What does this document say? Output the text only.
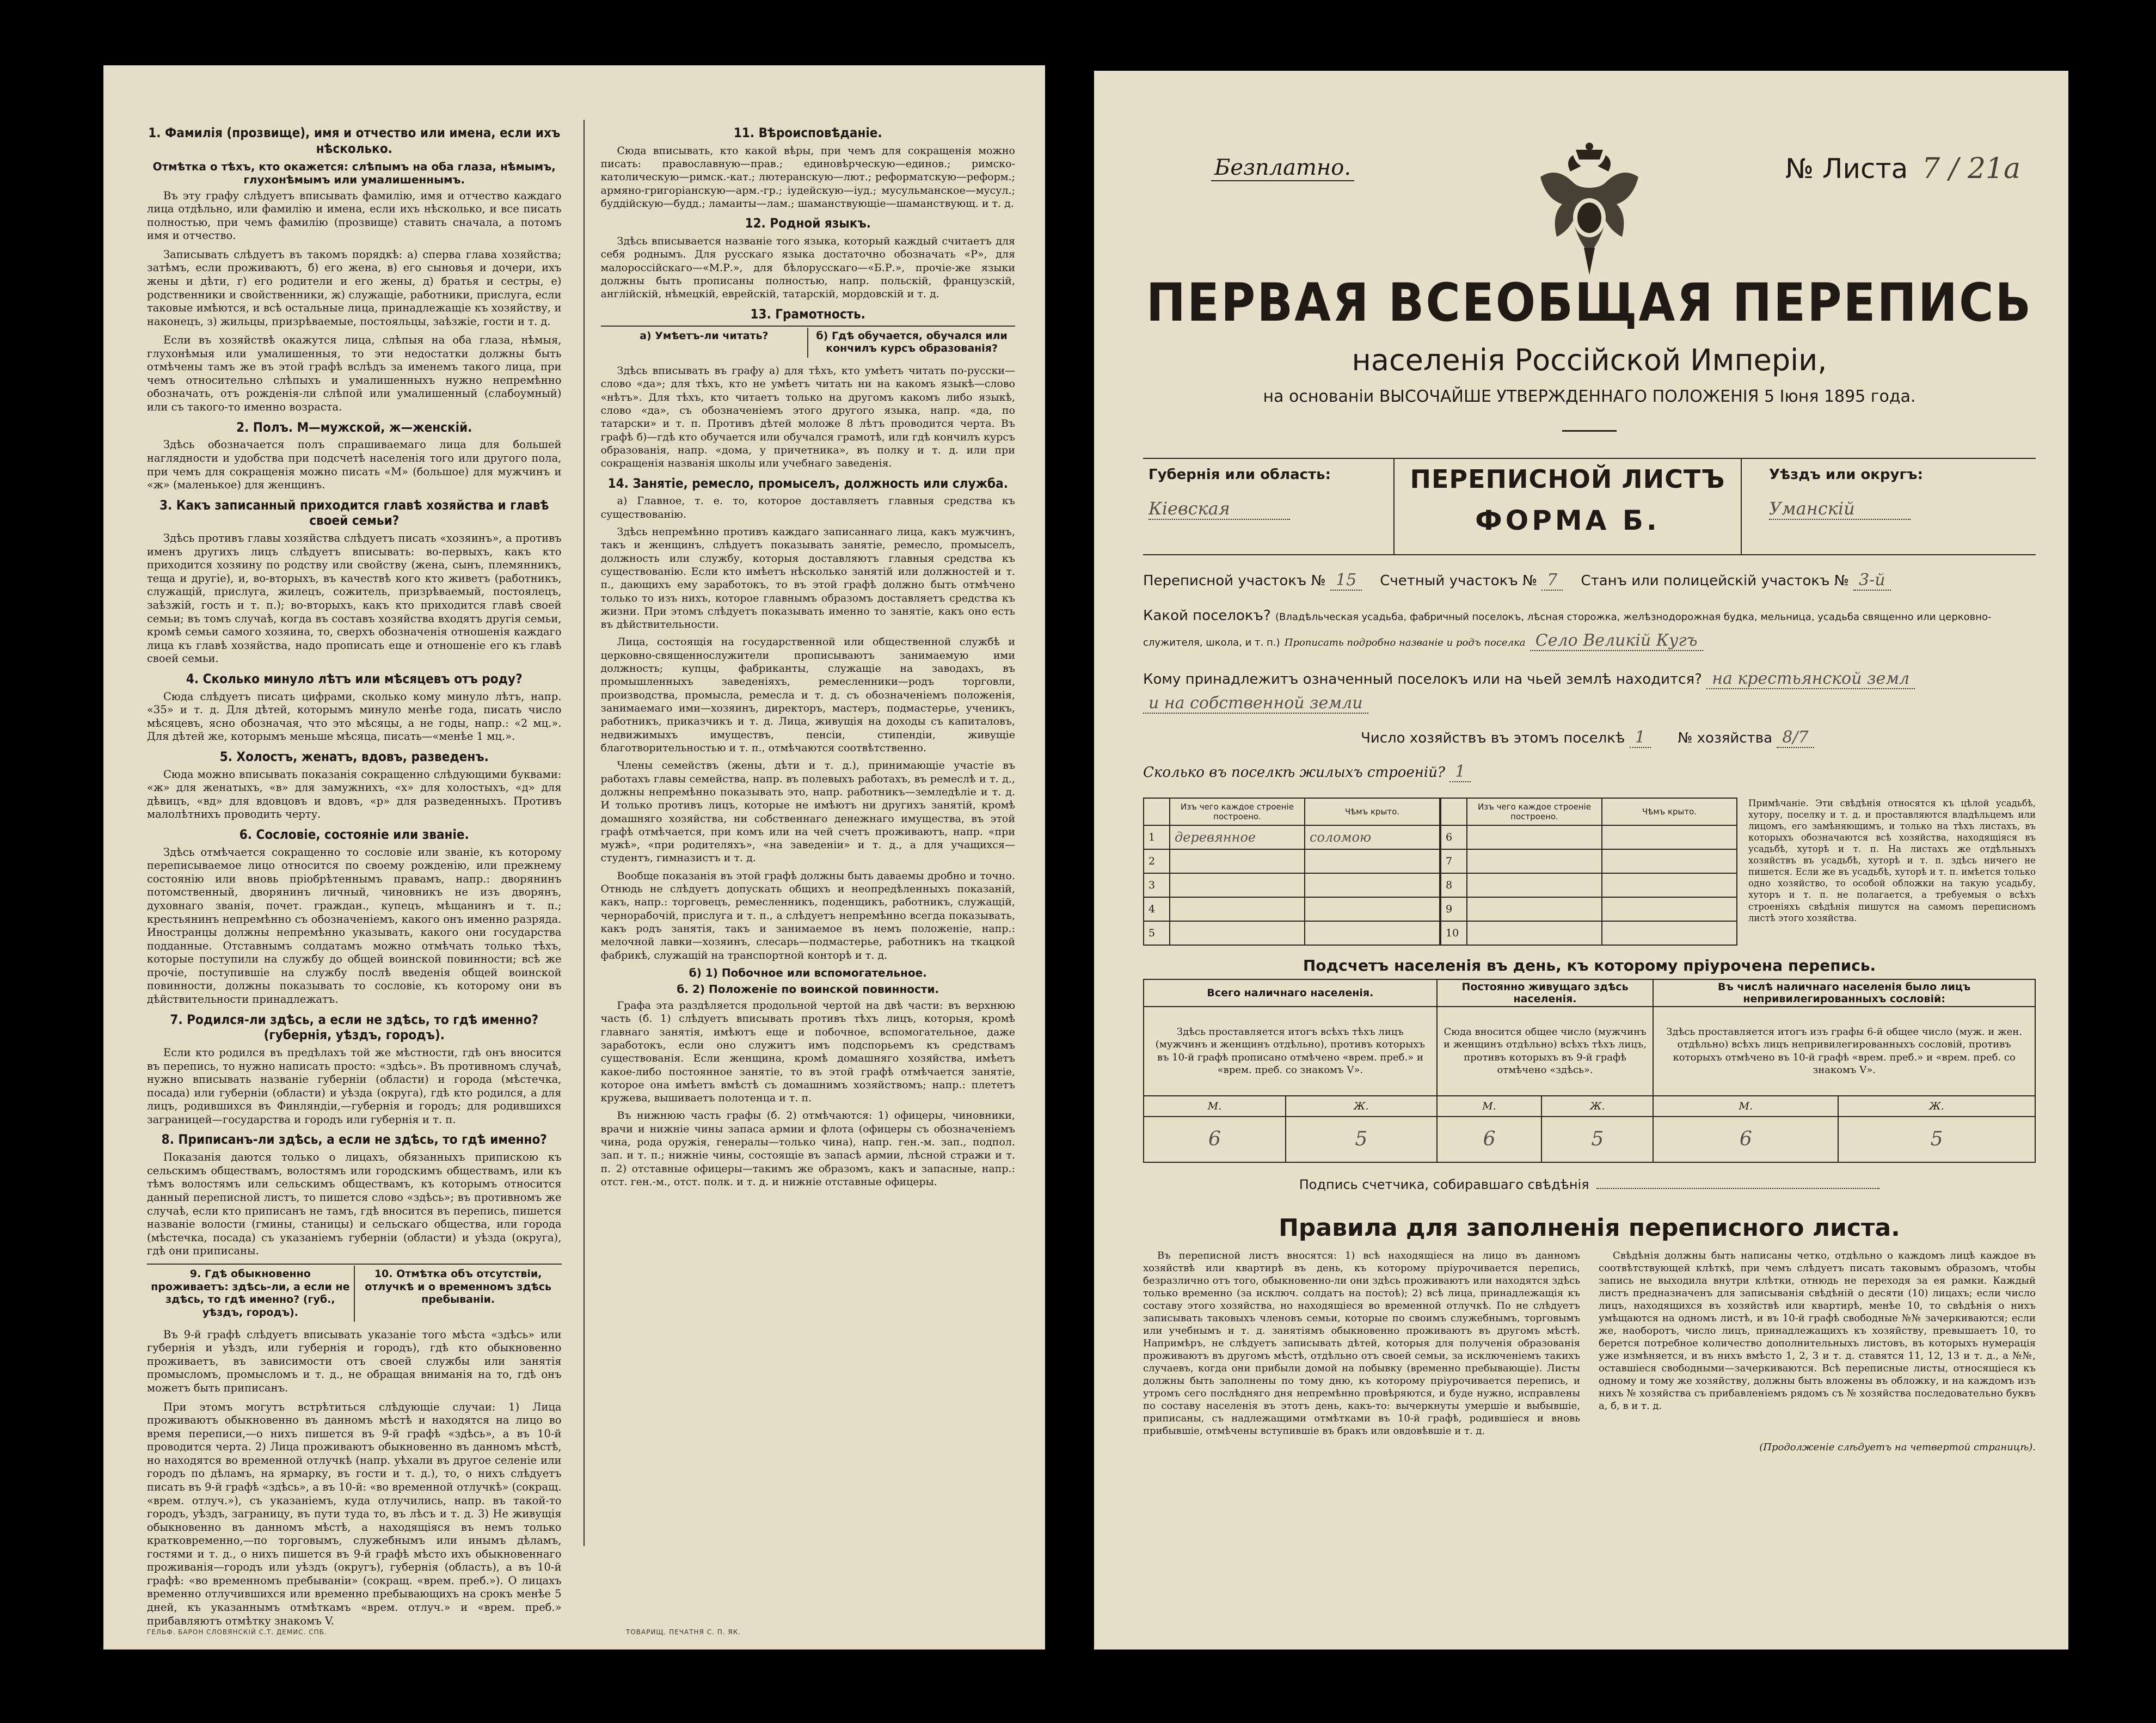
1. Фамилія (прозвище), имя и отчество или имена, если ихъ нѣсколько.
Отмѣтка о тѣхъ, кто окажется: слѣпымъ на оба глаза, нѣмымъ, глухонѣмымъ или умалишеннымъ.

Въ эту графу слѣдуетъ вписывать фамилію, имя и отчество каждаго лица отдѣльно, или фамилію и имена, если ихъ нѣсколько, и все писать полностью, при чемъ фамилію (прозвище) ставить сначала, а потомъ имя и отчество.

Записывать слѣдуетъ въ такомъ порядкѣ: а) сперва глава хозяйства; затѣмъ, если проживаютъ, б) его жена, в) его сыновья и дочери, ихъ жены и дѣти, г) его родители и его жены, д) братья и сестры, е) родственники и свойственники, ж) служащіе, работники, прислуга, если таковые имѣются, и всѣ остальные лица, принадлежащіе къ хозяйству, и наконецъ, з) жильцы, призрѣваемые, постояльцы, заѣзжіе, гости и т. д.

Если въ хозяйствѣ окажутся лица, слѣпыя на оба глаза, нѣмыя, глухонѣмыя или умалишенныя, то эти недостатки должны быть отмѣчены тамъ же въ этой графѣ вслѣдъ за именемъ такого лица, при чемъ относительно слѣпыхъ и умалишенныхъ нужно непремѣнно обозначать, отъ рожденія-ли слѣпой или умалишенный (слабоумный) или съ такого-то именно возраста.

2. Полъ. М—мужской, ж—женскій.

Здѣсь обозначается полъ спрашиваемаго лица для большей наглядности и удобства при подсчетѣ населенія того или другого пола, при чемъ для сокращенія можно писать «М» (большое) для мужчинъ и «ж» (маленькое) для женщинъ.

3. Какъ записанный приходится главѣ хозяйства и главѣ своей семьи?

Здѣсь противъ главы хозяйства слѣдуетъ писать «хозяинъ», а противъ именъ другихъ лицъ слѣдуетъ вписывать: во-первыхъ, какъ кто приходится хозяину по родству или свойству (жена, сынъ, племянникъ, теща и другіе), и, во-вторыхъ, въ качествѣ кого кто живетъ (работникъ, служащій, прислуга, жилецъ, сожитель, призрѣваемый, постоялецъ, заѣзжій, гость и т. п.); во-вторыхъ, какъ кто приходится главѣ своей семьи; въ томъ случаѣ, когда въ составъ хозяйства входятъ другія семьи, кромѣ семьи самого хозяина, то, сверхъ обозначенія отношенія каждаго лица къ главѣ хозяйства, надо прописать еще и отношеніе его къ главѣ своей семьи.

4. Сколько минуло лѣтъ или мѣсяцевъ отъ роду?

Сюда слѣдуетъ писать цифрами, сколько кому минуло лѣтъ, напр. «35» и т. д. Для дѣтей, которымъ минуло менѣе года, писать число мѣсяцевъ, ясно обозначая, что это мѣсяцы, а не годы, напр.: «2 мц.». Для дѣтей же, которымъ меньше мѣсяца, писать—«менѣе 1 мц.».

5. Холостъ, женатъ, вдовъ, разведенъ.

Сюда можно вписывать показанія сокращенно слѣдующими буквами: «ж» для женатыхъ, «в» для замужнихъ, «х» для холостыхъ, «д» для дѣвицъ, «вд» для вдовцовъ и вдовъ, «р» для разведенныхъ. Противъ малолѣтнихъ проводить черту.

6. Сословіе, состояніе или званіе.

Здѣсь отмѣчается сокращенно то сословіе или званіе, къ которому переписываемое лицо относится по своему рожденію, или прежнему состоянію или вновь пріобрѣтеннымъ правамъ, напр.: дворянинъ потомственный, дворянинъ личный, чиновникъ не изъ дворянъ, духовнаго званія, почет. граждан., купецъ, мѣщанинъ и т. п.; крестьянинъ непремѣнно съ обозначеніемъ, какого онъ именно разряда. Иностранцы должны непремѣнно указывать, какого они государства подданные. Отставнымъ солдатамъ можно отмѣчать только тѣхъ, которые поступили на службу до общей воинской повинности; всѣ же прочіе, поступившіе на службу послѣ введенія общей воинской повинности, должны показывать то сословіе, къ которому они въ дѣйствительности принадлежатъ.

7. Родился-ли здѣсь, а если не здѣсь, то гдѣ именно? (губернія, уѣздъ, городъ).

Если кто родился въ предѣлахъ той же мѣстности, гдѣ онъ вносится въ перепись, то нужно написать просто: «здѣсь». Въ противномъ случаѣ, нужно вписывать названіе губерніи (области) и города (мѣстечка, посада) или губерніи (области) и уѣзда (округа), гдѣ кто родился, а для лицъ, родившихся въ Финляндіи,—губернія и городъ; для родившихся заграницей—государства и городъ или губернія и т. п.

8. Приписанъ-ли здѣсь, а если не здѣсь, то гдѣ именно?

Показанія даются только о лицахъ, обязанныхъ припискою къ сельскимъ обществамъ, волостямъ или городскимъ обществамъ, или къ тѣмъ волостямъ или сельскимъ обществамъ, къ которымъ относится данный переписной листъ, то пишется слово «здѣсь»; въ противномъ же случаѣ, если кто приписанъ не тамъ, гдѣ вносится въ перепись, пишется названіе волости (гмины, станицы) и сельскаго общества, или города (мѣстечка, посада) съ указаніемъ губерніи (области) и уѣзда (округа), гдѣ они приписаны.

9. Гдѣ обыкновенно проживаетъ: здѣсь-ли, а если не здѣсь, то гдѣ именно? (губ., уѣздъ, городъ).
10. Отмѣтка объ отсутствіи, отлучкѣ и о временномъ здѣсь пребываніи.

Въ 9-й графѣ слѣдуетъ вписывать указаніе того мѣста «здѣсь» или губернія и уѣздъ, или губернія и городъ), гдѣ кто обыкновенно проживаетъ, въ зависимости отъ своей службы или занятія промысломъ, промысломъ и т. д., не обращая вниманія на то, гдѣ онъ можетъ быть приписанъ.

При этомъ могутъ встрѣтиться слѣдующіе случаи: 1) Лица проживаютъ обыкновенно въ данномъ мѣстѣ и находятся на лицо во время переписи,—о нихъ пишется въ 9-й графѣ «здѣсь», а въ 10-й проводится черта. 2) Лица проживаютъ обыкновенно въ данномъ мѣстѣ, но находятся во временной отлучкѣ (напр. уѣхали въ другое селеніе или городъ по дѣламъ, на ярмарку, въ гости и т. д.), то, о нихъ слѣдуетъ писать въ 9-й графѣ «здѣсь», а въ 10-й: «во временной отлучкѣ» (сокращ. «врем. отлуч.»), съ указаніемъ, куда отлучились, напр. въ такой-то городъ, уѣздъ, заграницу, въ пути туда то, въ лѣсъ и т. д. 3) Не живущія обыкновенно въ данномъ мѣстѣ, а находящіяся въ немъ только кратковременно,—по торговымъ, служебнымъ или инымъ дѣламъ, гостями и т. д., о нихъ пишется въ 9-й графѣ мѣсто ихъ обыкновеннаго проживанія—городъ или уѣздъ (округъ), губернія (область), а въ 10-й графѣ: «во временномъ пребываніи» (сокращ. «врем. преб.»). О лицахъ временно отлучившихся или временно пребывающихъ на срокъ менѣе 5 дней, къ указаннымъ отмѣткамъ «врем. отлуч.» и «врем. преб.» прибавляютъ отмѣтку знакомъ V.

11. Вѣроисповѣданіе.

Сюда вписывать, кто какой вѣры, при чемъ для сокращенія можно писать: православную—прав.; единовѣрческую—единов.; римско-католическую—римск.-кат.; лютеранскую—лют.; реформатскую—реформ.; армяно-григоріанскую—арм.-гр.; іудейскую—іуд.; мусульманское—мусул.; буддійскую—будд.; ламаиты—лам.; шаманствующіе—шаманствующ. и т. д.

12. Родной языкъ.

Здѣсь вписывается названіе того языка, который каждый считаетъ для себя роднымъ. Для русскаго языка достаточно обозначать «Р», для малороссійскаго—«М.Р.», для бѣлорусскаго—«Б.Р.», прочіе-же языки должны быть прописаны полностью, напр. польскій, французскій, англійскій, нѣмецкій, еврейскій, татарскій, мордовскій и т. д.

13. Грамотность.
а) Умѣетъ-ли читать?	б) Гдѣ обучается, обучался или кончилъ курсъ образованія?

Здѣсь вписывать въ графу а) для тѣхъ, кто умѣетъ читать по-русски—слово «да»; для тѣхъ, кто не умѣетъ читать ни на какомъ языкѣ—слово «нѣтъ». Для тѣхъ, кто читаетъ только на другомъ какомъ либо языкѣ, слово «да», съ обозначеніемъ этого другого языка, напр. «да, по татарски» и т. п. Противъ дѣтей моложе 8 лѣтъ проводится черта. Въ графѣ б)—гдѣ кто обучается или обучался грамотѣ, или гдѣ кончилъ курсъ образованія, напр. «дома, у причетника», въ полку и т. д. или при сокращенія названія школы или учебнаго заведенія.

14. Занятіе, ремесло, промыселъ, должность или служба.

а) Главное, т. е. то, которое доставляетъ главныя средства къ существованію.

Здѣсь непремѣнно противъ каждаго записаннаго лица, какъ мужчинъ, такъ и женщинъ, слѣдуетъ показывать занятіе, ремесло, промыселъ, должность или службу, которыя доставляютъ главныя средства къ существованію. Если кто имѣетъ нѣсколько занятій или должностей и т. п., дающихъ ему заработокъ, то въ этой графѣ должно быть отмѣчено только то изъ нихъ, которое главнымъ образомъ доставляетъ средства къ жизни. При этомъ слѣдуетъ показывать именно то занятіе, какъ оно есть въ дѣйствительности.

Лица, состоящія на государственной или общественной службѣ и церковно-священнослужители прописываютъ занимаемую ими должность; купцы, фабриканты, служащіе на заводахъ, въ промышленныхъ заведеніяхъ, ремесленники—родъ торговли, производства, промысла, ремесла и т. д. съ обозначеніемъ положенія, занимаемаго ими—хозяинъ, директоръ, мастеръ, подмастерье, ученикъ, работникъ, приказчикъ и т. д. Лица, живущія на доходы съ капиталовъ, недвижимыхъ имуществъ, пенсіи, стипендіи, живущіе благотворительностью и т. п., отмѣчаются соотвѣтственно.

Члены семействъ (жены, дѣти и т. д.), принимающіе участіе въ работахъ главы семейства, напр. въ полевыхъ работахъ, въ ремеслѣ и т. д., должны непремѣнно показывать это, напр. работникъ—земледѣліе и т. д. И только противъ лицъ, которые не имѣютъ ни другихъ занятій, кромѣ домашняго хозяйства, ни собственнаго денежнаго имущества, въ этой графѣ отмѣчается, при комъ или на чей счетъ проживаютъ, напр. «при мужѣ», «при родителяхъ», «на заведеніи» и т. д., а для учащихся—студентъ, гимназистъ и т. д.

Вообще показанія въ этой графѣ должны быть даваемы дробно и точно. Отнюдь не слѣдуетъ допускать общихъ и неопредѣленныхъ показаній, какъ, напр.: торговецъ, ремесленникъ, поденщикъ, работникъ, служащій, чернорабочій, прислуга и т. п., а слѣдуетъ непремѣнно всегда показывать, какъ родъ занятія, такъ и занимаемое въ немъ положеніе, напр.: мелочной лавки—хозяинъ, слесарь—подмастерье, работникъ на ткацкой фабрикѣ, служащій на транспортной конторѣ и т. д.

б) 1) Побочное или вспомогательное.
б. 2) Положеніе по воинской повинности.

Графа эта раздѣляется продольной чертой на двѣ части: въ верхнюю часть (б. 1) слѣдуетъ вписывать противъ тѣхъ лицъ, которыя, кромѣ главнаго занятія, имѣютъ еще и побочное, вспомогательное, даже заработокъ, если оно служитъ имъ подспорьемъ къ средствамъ существованія. Если женщина, кромѣ домашняго хозяйства, имѣетъ какое-либо постоянное занятіе, то въ этой графѣ отмѣчается занятіе, которое она имѣетъ вмѣстѣ съ домашнимъ хозяйствомъ; напр.: плететъ кружева, вышиваетъ полотенца и т. п.

Въ нижнюю часть графы (б. 2) отмѣчаются: 1) офицеры, чиновники, врачи и нижніе чины запаса армии и флота (офицеры съ обозначеніемъ чина, рода оружія, генералы—только чина), напр. ген.-м. зап., подпол. зап. и т. п.; нижніе чины, состоящіе въ запасѣ армии, лѣсной стражи и т. п. 2) отставные офицеры—такимъ же образомъ, какъ и запасные, напр.: отст. ген.-м., отст. полк. и т. д. и нижніе отставные офицеры.

ГЕЛЬФ. БАРОН СЛОВЯНСКІЙ С.Т. ДЕМИС. СПБ.	ТОВАРИЩ. ПЕЧАТНЯ С. П. ЯК.
Безплатно.	№ Листа 7 / 21а
ПЕРВАЯ ВСЕОБЩАЯ ПЕРЕПИСЬ
населенія Россійской Имперіи,
на основаніи ВЫСОЧАЙШЕ УТВЕРЖДЕННАГО ПОЛОЖЕНІЯ 5 Іюня 1895 года.
Губернія или область:
Кіевская
ПЕРЕПИСНОЙ ЛИСТЪ
ФОРМА Б.
Уѣздъ или округъ:
Уманскій
Переписной участокъ № 15 Счетный участокъ № 7 Станъ или полицейскій участокъ № 3-й
Какой поселокъ? (Владѣльческая усадьба, фабричный поселокъ, лѣсная сторожка, желѣзнодорожная будка, мельница, усадьба священно или церковно-служителя, школа, и т. п.) Прописать подробно названіе и родъ поселка Село Великій Кугъ
Кому принадлежитъ означенный поселокъ или на чьей землѣ находится? на крестьянской земл
и на собственной земли
Число хозяйствъ въ этомъ поселкѣ 1 № хозяйства 8/7
Сколько въ поселкѣ жилыхъ строеній? 1
	Изъ чего каждое строеніе построено.	Чѣмъ крыто.
1	деревянное	соломою
2		
3		
4		
5		
	Изъ чего каждое строеніе построено.	Чѣмъ крыто.
6		
7		
8		
9		
10		
Примѣчаніе. Эти свѣдѣнія относятся къ цѣлой усадьбѣ, хутору, поселку и т. д. и проставляются владѣльцемъ или лицомъ, его замѣняющимъ, и только на тѣхъ листахъ, въ которыхъ обозначаются всѣ хозяйства, находящіяся въ усадьбѣ, хуторѣ и т. п. На листахъ же отдѣльныхъ хозяйствъ въ усадьбѣ, хуторѣ и т. п. здѣсь ничего не пишется. Если же въ усадьбѣ, хуторѣ и т. п. имѣется только одно хозяйство, то особой обложки на такую усадьбу, хуторъ и т. п. не полагается, а требуемыя о всѣхъ строеніяхъ свѣдѣнія пишутся на самомъ переписномъ листѣ этого хозяйства.
Подсчетъ населенія въ день, къ которому пріурочена перепись.
Всего наличнаго населенія.		Постоянно живущаго здѣсь населенія.		Въ числѣ наличнаго населенія было лицъ непривилегированныхъ сословій:	
Здѣсь проставляется итогъ всѣхъ тѣхъ лицъ (мужчинъ и женщинъ отдѣльно), противъ которыхъ въ 10-й графѣ прописано отмѣчено «врем. преб.» и «врем. преб. со знакомъ V».		Сюда вносится общее число (мужчинъ и женщинъ отдѣльно) всѣхъ тѣхъ лицъ, противъ которыхъ въ 9-й графѣ отмѣчено «здѣсь».		Здѣсь проставляется итогъ изъ графы 6-й общее число (муж. и жен. отдѣльно) всѣхъ лицъ непривилегированныхъ сословій, противъ которыхъ отмѣчено въ 10-й графѣ «врем. преб.» и «врем. преб. со знакомъ V».	
М.	Ж.	М.	Ж.	М.	Ж.
6	5	6	5	6	5
Подпись счетчика, собиравшаго свѣдѣнія
Правила для заполненія переписного листа.

Въ переписной листъ вносятся: 1) всѣ находящіеся на лицо въ данномъ хозяйствѣ или квартирѣ въ день, къ которому пріурочивается перепись, безразлично отъ того, обыкновенно-ли они здѣсь проживаютъ или находятся здѣсь только временно (за исключ. солдатъ на постоѣ); 2) всѣ лица, принадлежащія къ составу этого хозяйства, но находящіеся во временной отлучкѣ. По не слѣдуетъ записывать таковыхъ членовъ семьи, которые по своимъ служебнымъ, торговымъ или учебнымъ и т. д. занятіямъ обыкновенно проживаютъ въ другомъ мѣстѣ. Напримѣръ, не слѣдуетъ записывать дѣтей, которыя для полученія образованія проживаютъ въ другомъ мѣстѣ, отдѣльно отъ своей семьи, за исключеніемъ такихъ случаевъ, когда они прибыли домой на побывку (временно пребывающіе). Листы должны быть заполнены по тому дню, къ которому пріурочивается перепись, и утромъ сего послѣдняго дня непремѣнно провѣряются, и буде нужно, исправлены по составу населенія въ этотъ день, какъ-то: вычеркнуты умершіе и выбывшіе, приписаны, съ надлежащими отмѣтками въ 10-й графѣ, родившіеся и вновь прибывшіе, отмѣчены вступившіе въ бракъ или овдовѣвшіе и т. д.

Свѣдѣнія должны быть написаны четко, отдѣльно о каждомъ лицѣ каждое въ соотвѣтствующей клѣткѣ, при чемъ слѣдуетъ писать таковымъ образомъ, чтобы запись не выходила внутри клѣтки, отнюдь не переходя за ея рамки. Каждый листъ предназначенъ для записыванія свѣдѣній о десяти (10) лицахъ; если число лицъ, находящихся въ хозяйствѣ или квартирѣ, менѣе 10, то свѣдѣнія о нихъ умѣщаются на одномъ листѣ, и въ 10-й графѣ свободные №№ зачеркиваются; если же, наоборотъ, число лицъ, принадлежащихъ къ хозяйству, превышаетъ 10, то берется потребное количество дополнительныхъ листовъ, въ которыхъ нумерація уже измѣняется, и въ нихъ вмѣсто 1, 2, 3 и т. д. ставятся 11, 12, 13 и т. д., а №№, оставшіеся свободными—зачеркиваются. Всѣ переписные листы, относящіеся къ одному и тому же хозяйству, должны быть вложены въ обложку, и на каждомъ изъ нихъ № хозяйства съ прибавленіемъ рядомъ съ № хозяйства последовательно буквъ а, б, в и т. д.

(Продолженіе слѣдуетъ на четвертой страницѣ).
